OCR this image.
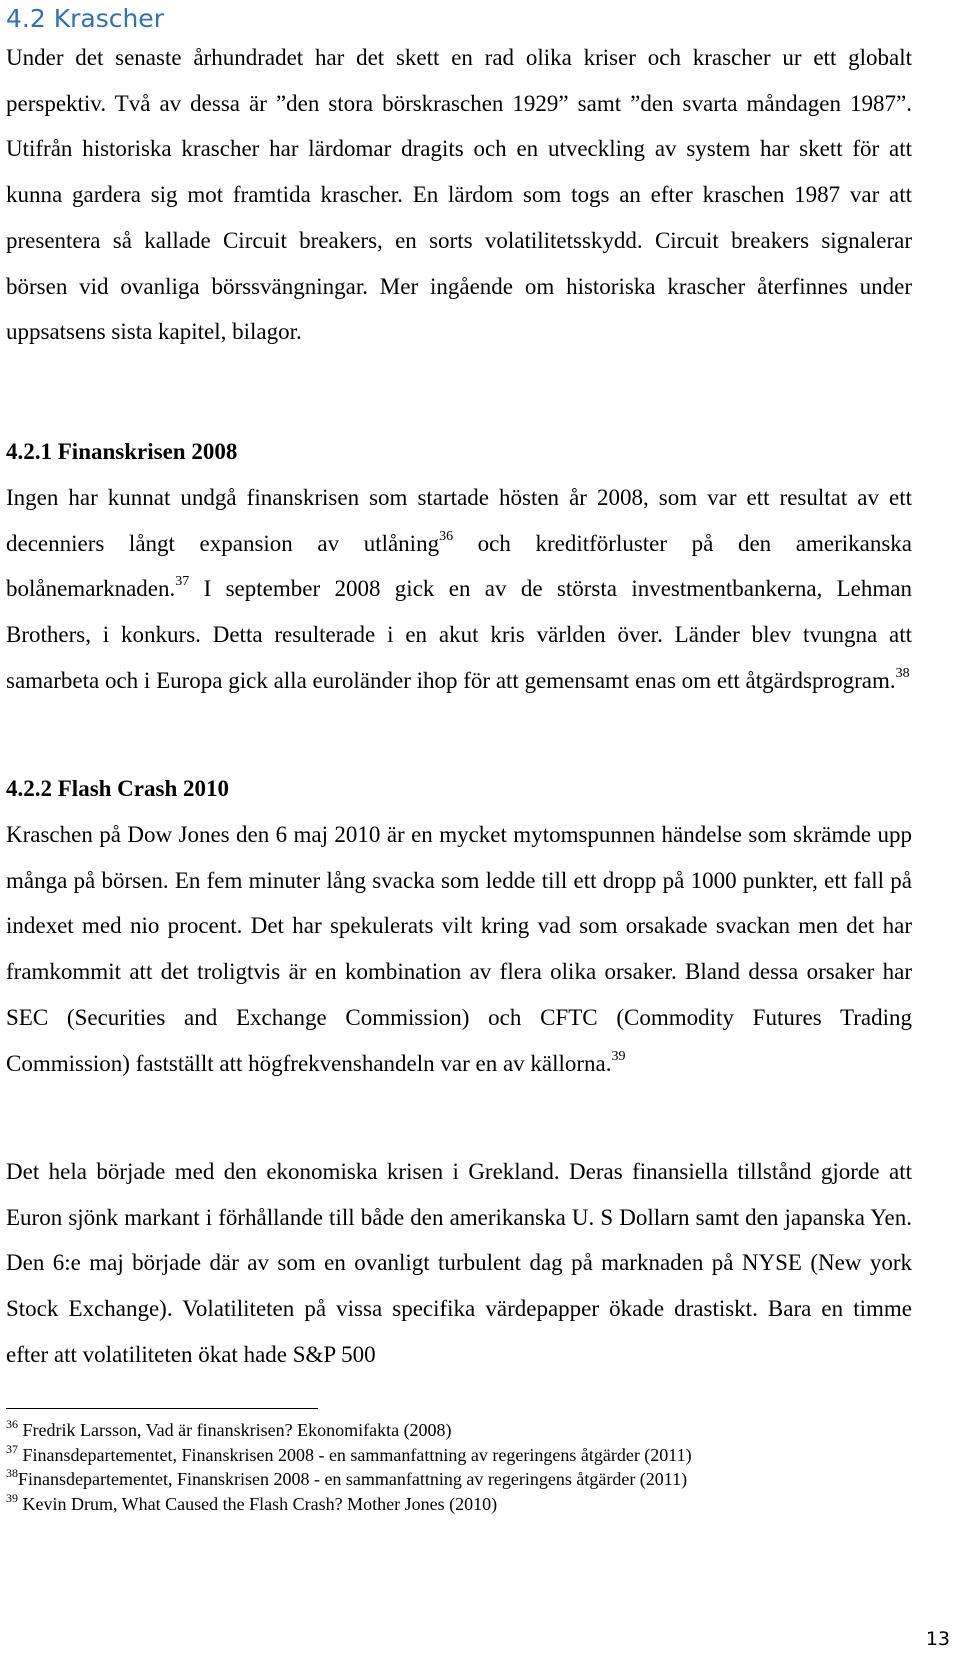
4.2 Krascher

Under det senaste århundradet har det skett en rad olika kriser och krascher ur ett globalt perspektiv. Två av dessa är ”den stora börskraschen 1929” samt ”den svarta måndagen 1987”. Utifrån historiska krascher har lärdomar dragits och en utveckling av system har skett för att kunna gardera sig mot framtida krascher. En lärdom som togs an efter kraschen 1987 var att presentera så kallade Circuit breakers, en sorts volatilitetsskydd. Circuit breakers signalerar börsen vid ovanliga börssvängningar. Mer ingående om historiska krascher återfinnes under uppsatsens sista kapitel, bilagor.

4.2.1 Finanskrisen 2008

Ingen har kunnat undgå finanskrisen som startade hösten år 2008, som var ett resultat av ett decenniers långt expansion av utlåning$^{36}$ och kreditförluster på den amerikanska bolånemarknaden.$^{37}$ I september 2008 gick en av de största investmentbankerna, Lehman Brothers, i konkurs. Detta resulterade i en akut kris världen över. Länder blev tvungna att samarbeta och i Europa gick alla euroländer ihop för att gemensamt enas om ett åtgärdsprogram.$^{38}$

4.2.2 Flash Crash 2010

Kraschen på Dow Jones den 6 maj 2010 är en mycket mytomspunnen händelse som skrämde upp många på börsen. En fem minuter lång svacka som ledde till ett dropp på 1000 punkter, ett fall på indexet med nio procent. Det har spekulerats vilt kring vad som orsakade svackan men det har framkommit att det troligtvis är en kombination av flera olika orsaker. Bland dessa orsaker har SEC (Securities and Exchange Commission) och CFTC (Commodity Futures Trading Commission) fastställt att högfrekvenshandeln var en av källorna.$^{39}$

Det hela började med den ekonomiska krisen i Grekland. Deras finansiella tillstånd gjorde att Euron sjönk markant i förhållande till både den amerikanska U. S Dollarn samt den japanska Yen. Den 6:e maj började där av som en ovanligt turbulent dag på marknaden på NYSE (New york Stock Exchange). Volatiliteten på vissa specifika värdepapper ökade drastiskt. Bara en timme efter att volatiliteten ökat hade S&P 500

$^{36}$ Fredrik Larsson, Vad är finanskrisen? Ekonomifakta (2008)

$^{37}$ Finansdepartementet, Finanskrisen 2008 - en sammanfattning av regeringens åtgärder (2011)

$^{38}$Finansdepartementet, Finanskrisen 2008 - en sammanfattning av regeringens åtgärder (2011)

$^{39}$ Kevin Drum, What Caused the Flash Crash? Mother Jones (2010)

13
